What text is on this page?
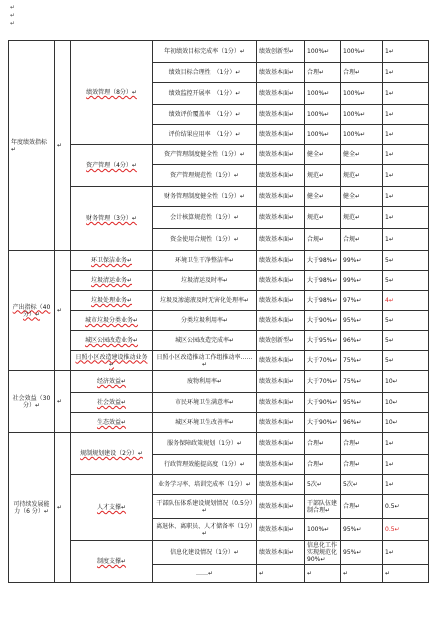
↵
↵
↵
年度绩效指标↵	↵	绩效管理（8分）↵	年初绩效目标完成率（1分）↵	绩效创新型↵	100%↵	100%↵	1↵
			绩效目标合理性　（1分）↵	绩效基本面↵	合理↵	合理↵	1↵
			绩效监控开展率　（1分）↵	绩效基本面↵	100%↵	100%↵	1↵
			绩效评价覆盖率　（1分）↵	绩效基本面↵	100%↵	100%↵	1↵
			评价结果应用率　（1分）↵	绩效基本面↵	100%↵	100%↵	1↵
		资产管理（4分）↵	资产管理制度健全性（1分）↵	绩效基本面↵	健全↵	健全↵	1↵
			资产管理规范性（1分）↵	绩效基本面↵	规范↵	规范↵	1↵
		财务管理（3分）↵	财务管理制度健全性（1分）↵	绩效基本面↵	健全↵	健全↵	1↵
			会计核算规范性（1分）↵	绩效基本面↵	规范↵	规范↵	1↵
			资金使用合规性（1分）↵	绩效基本面↵	合规↵	合规↵	1↵
产出指标（40 分）↵	↵	环卫保洁业务↵	环境卫生干净整洁率↵	绩效基本面↵	大于98%↵	99%↵	5↵
		垃圾清运业务↵	垃圾清运及时率↵	绩效基本面↵	大于98%↵	99%↵	5↵
		垃圾处理业务↵	垃圾及渗滤液及时无害化处理率↵	绩效基本面↵	大于98%↵	97%↵	4↵
		城市垃圾分类业务↵	分类垃圾利用率↵	绩效基本面↵	大于90%↵	95%↵	5↵
		城区公园改造业务↵	城区公园改造完成率↵	绩效创新型↵	大于95%↵	96%↵	5↵
		日照小区改造建设推动业务↵	日照小区改造推动工作组推动率……↵	绩效基本面↵	大于70%↵	75%↵	5↵
社会效益（30 分）↵	↵	经济效益↵	废物利用率↵	绩效基本面↵	大于70%↵	75%↵	10↵
		社会效益↵	市民环境卫生满意率↵	绩效基本面↵	大于90%↵	95%↵	10↵
		生态效益↵	城区环境卫生改善率↵	绩效基本面↵	大于90%↵	96%↵	10↵
可持续发展能力（6 分）↵	↵	规制规划建设（2分）↵	服务保障政策规划（1分）↵	绩效基本面↵	合理↵	合理↵	1↵
			行政管理效能提高度（1分）↵	绩效基本面↵	合理↵	合理↵	1↵
		人才支撑↵	业务学习率、培训完成率（1分）↵	绩效基本面↵	5次↵	5次↵	1↵
			干部队伍体系建设规划情况（0.5分）↵	绩效基本面↵	干部队伍建制合理↵	合理↵	0.5↵
			离退休、离职员、人才储备率（1分）↵	绩效基本面↵	100%↵	95%↵	0.5↵
		制度支撑↵	信息化建设情况（1分）↵	绩效基本面↵	信息化工作实现规范化90%↵	95%↵	1↵
			……↵	↵	↵	↵	↵
